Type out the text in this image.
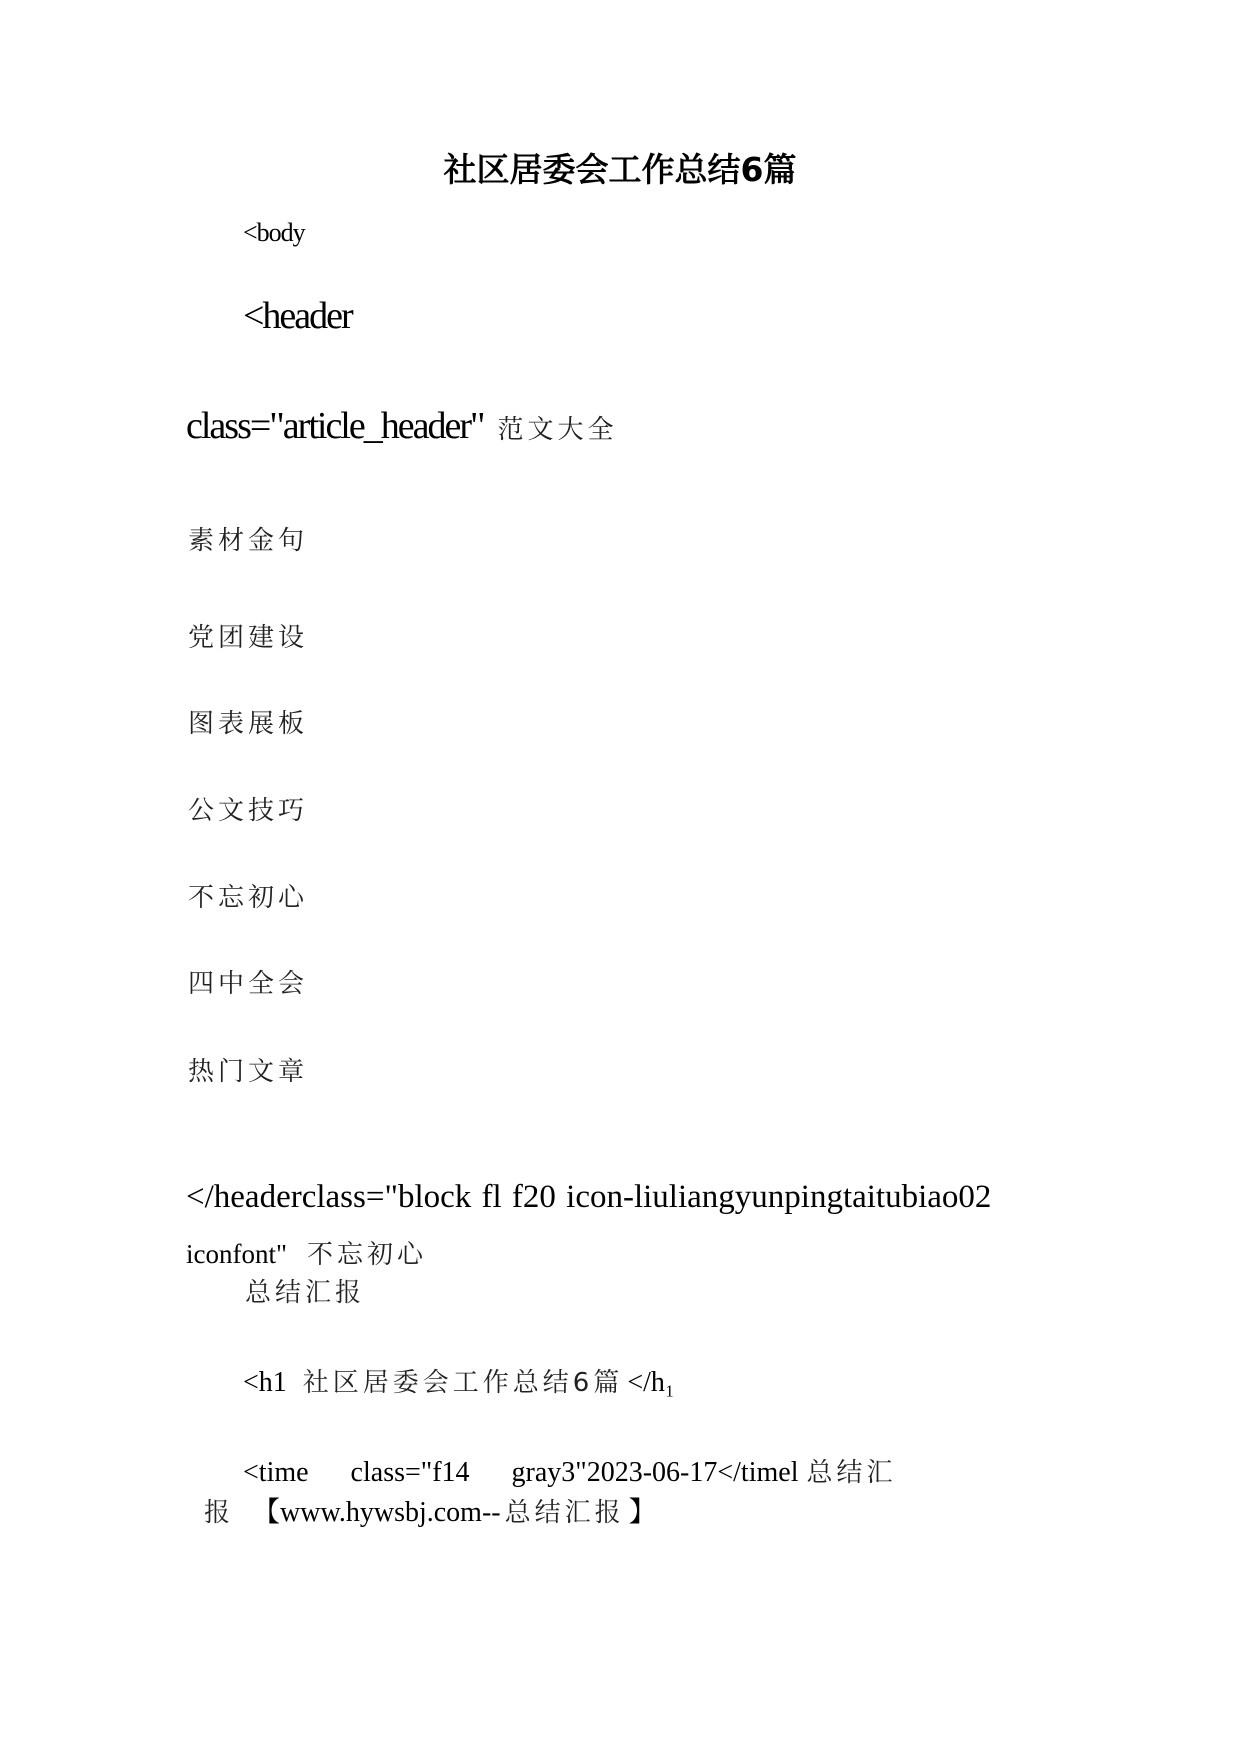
社区居委会工作总结6篇
<body
<header
class="article_header" 范文大全
素材金句
党团建设
图表展板
公文技巧
不忘初心
四中全会
热门文章
</headerclass="block fl f20 icon-liuliangyunpingtaitubiao02
iconfont" 不忘初心
总结汇报
<h1 社区居委会工作总结6篇 </h₁
<time      class="f14      gray3"2023-06-17</timel 总结汇
报 【www.hywsbj.com-- 总结汇报 】
